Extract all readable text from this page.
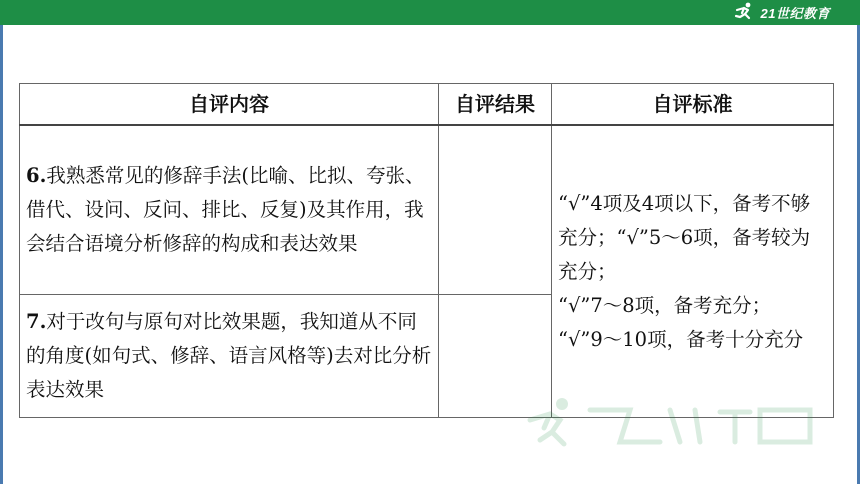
21世纪教育
自评内容	自评结果	自评标准
6.我熟悉常见的修辞手法(比喻、比拟、夸张、借代、设问、反问、排比、反复)及其作用，我会结合语境分析修辞的构成和表达效果		“√”4项及4项以下，备考不够充分；“√”5～6项，备考较为充分；
“√”7～8项，备考充分；
“√”9～10项，备考十分充分
7.对于改句与原句对比效果题，我知道从不同的角度(如句式、修辞、语言风格等)去对比分析表达效果		
